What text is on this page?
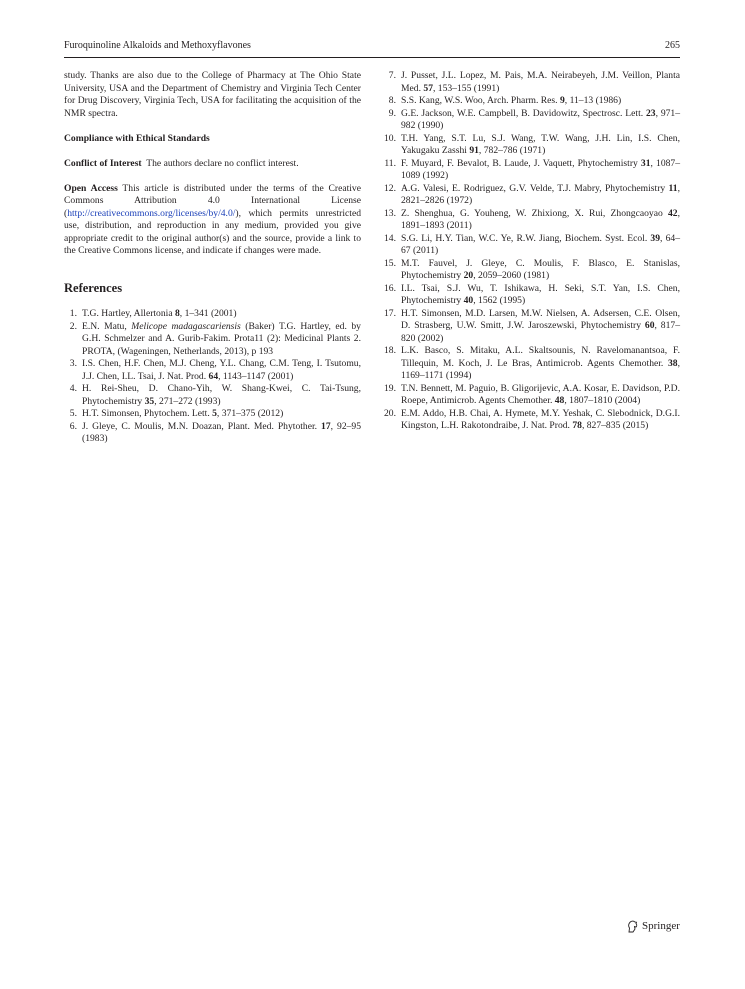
Furoquinoline Alkaloids and Methoxyflavones	265

study. Thanks are also due to the College of Pharmacy at The Ohio State University, USA and the Department of Chemistry and Virginia Tech Center for Drug Discovery, Virginia Tech, USA for facilitating the acquisition of the NMR spectra.

Compliance with Ethical Standards

Conflict of Interest The authors declare no conflict interest.

Open Access This article is distributed under the terms of the Creative Commons Attribution 4.0 International License (http://creativecommons.org/licenses/by/4.0/), which permits unrestricted use, distribution, and reproduction in any medium, provided you give appropriate credit to the original author(s) and the source, provide a link to the Creative Commons license, and indicate if changes were made.

References
1. T.G. Hartley, Allertonia 8, 1–341 (2001)
2. E.N. Matu, Melicope madagascariensis (Baker) T.G. Hartley, ed. by G.H. Schmelzer and A. Gurib-Fakim. Prota11 (2): Medicinal Plants 2. PROTA, (Wageningen, Netherlands, 2013), p 193
3. I.S. Chen, H.F. Chen, M.J. Cheng, Y.L. Chang, C.M. Teng, I. Tsutomu, J.J. Chen, I.L. Tsai, J. Nat. Prod. 64, 1143–1147 (2001)
4. H. Rei-Sheu, D. Chano-Yih, W. Shang-Kwei, C. Tai-Tsung, Phytochemistry 35, 271–272 (1993)
5. H.T. Simonsen, Phytochem. Lett. 5, 371–375 (2012)
6. J. Gleye, C. Moulis, M.N. Doazan, Plant. Med. Phytother. 17, 92–95 (1983)
7. J. Pusset, J.L. Lopez, M. Pais, M.A. Neirabeyeh, J.M. Veillon, Planta Med. 57, 153–155 (1991)
8. S.S. Kang, W.S. Woo, Arch. Pharm. Res. 9, 11–13 (1986)
9. G.E. Jackson, W.E. Campbell, B. Davidowitz, Spectrosc. Lett. 23, 971–982 (1990)
10. T.H. Yang, S.T. Lu, S.J. Wang, T.W. Wang, J.H. Lin, I.S. Chen, Yakugaku Zasshi 91, 782–786 (1971)
11. F. Muyard, F. Bevalot, B. Laude, J. Vaquett, Phytochemistry 31, 1087–1089 (1992)
12. A.G. Valesi, E. Rodriguez, G.V. Velde, T.J. Mabry, Phytochemistry 11, 2821–2826 (1972)
13. Z. Shenghua, G. Youheng, W. Zhixiong, X. Rui, Zhongcaoyao 42, 1891–1893 (2011)
14. S.G. Li, H.Y. Tian, W.C. Ye, R.W. Jiang, Biochem. Syst. Ecol. 39, 64–67 (2011)
15. M.T. Fauvel, J. Gleye, C. Moulis, F. Blasco, E. Stanislas, Phytochemistry 20, 2059–2060 (1981)
16. I.L. Tsai, S.J. Wu, T. Ishikawa, H. Seki, S.T. Yan, I.S. Chen, Phytochemistry 40, 1562 (1995)
17. H.T. Simonsen, M.D. Larsen, M.W. Nielsen, A. Adsersen, C.E. Olsen, D. Strasberg, U.W. Smitt, J.W. Jaroszewski, Phytochemistry 60, 817–820 (2002)
18. L.K. Basco, S. Mitaku, A.L. Skaltsounis, N. Ravelomanantsoa, F. Tillequin, M. Koch, J. Le Bras, Antimicrob. Agents Chemother. 38, 1169–1171 (1994)
19. T.N. Bennett, M. Paguio, B. Gligorijevic, A.A. Kosar, E. Davidson, P.D. Roepe, Antimicrob. Agents Chemother. 48, 1807–1810 (2004)
20. E.M. Addo, H.B. Chai, A. Hymete, M.Y. Yeshak, C. Slebodnick, D.G.I. Kingston, L.H. Rakotondraibe, J. Nat. Prod. 78, 827–835 (2015)
Springer
